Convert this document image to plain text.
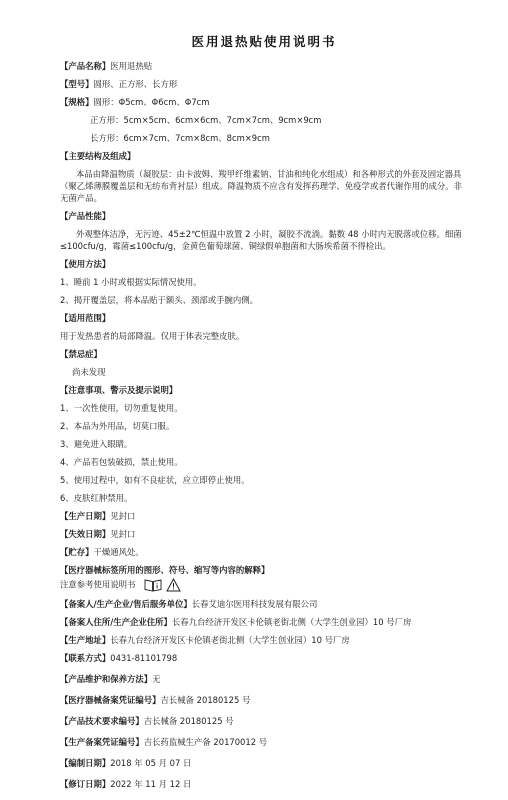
医用退热贴使用说明书
【产品名称】医用退热贴
【型号】圆形、正方形、长方形
【规格】圆形：Φ5cm、Φ6cm、Φ7cm
正方形：5cm×5cm、6cm×6cm、7cm×7cm、9cm×9cm
长方形：6cm×7cm、7cm×8cm、8cm×9cm
【主要结构及组成】
本品由降温物质（凝胶层：由卡波姆、羧甲纤维素钠、甘油和纯化水组成）和各种形式的外套及固定器具（聚乙烯薄膜覆盖层和无纺布背衬层）组成。降温物质不应含有发挥药理学、免疫学或者代谢作用的成分。非无菌产品。
【产品性能】
外观整体洁净，无污迹、45±2℃恒温中放置 2 小时，凝胶不流淌。黏数 48 小时内无脱落或位移。细菌≤100cfu/g，霉菌≤100cfu/g，金黄色葡萄球菌、铜绿假单胞菌和大肠埃希菌不得检出。
【使用方法】
1、睡前 1 小时或根据实际情况使用。
2、揭开覆盖层，将本品贴于额头、颈部或手腕内侧。
【适用范围】
用于发热患者的局部降温。仅用于体表完整皮肤。
【禁忌症】
尚未发现
【注意事项、警示及提示说明】
1、一次性使用，切勿重复使用。
2、本品为外用品，切莫口服。
3、避免进入眼睛。
4、产品若包装破损，禁止使用。
5、使用过程中，如有不良症状，应立即停止使用。
6、皮肤红肿禁用。
【生产日期】见封口
【失效日期】见封口
【贮存】干燥通风处。
【医疗器械标签所用的图形、符号、缩写等内容的解释】
注意参考使用说明书
【备案人/生产企业/售后服务单位】长春艾迪尔医用科技发展有限公司
【备案人住所/生产企业住所】长春九台经济开发区卡伦镇老街北侧（大学生创业园）10 号厂房
【生产地址】长春九台经济开发区卡伦镇老街北侧（大学生创业园）10 号厂房
【联系方式】0431-81101798
【产品维护和保养方法】无
【医疗器械备案凭证编号】吉长械备 20180125 号
【产品技术要求编号】吉长械备 20180125 号
【生产备案凭证编号】吉长药监械生产备 20170012 号
【编制日期】2018 年 05 月 07 日
【修订日期】2022 年 11 月 12 日
